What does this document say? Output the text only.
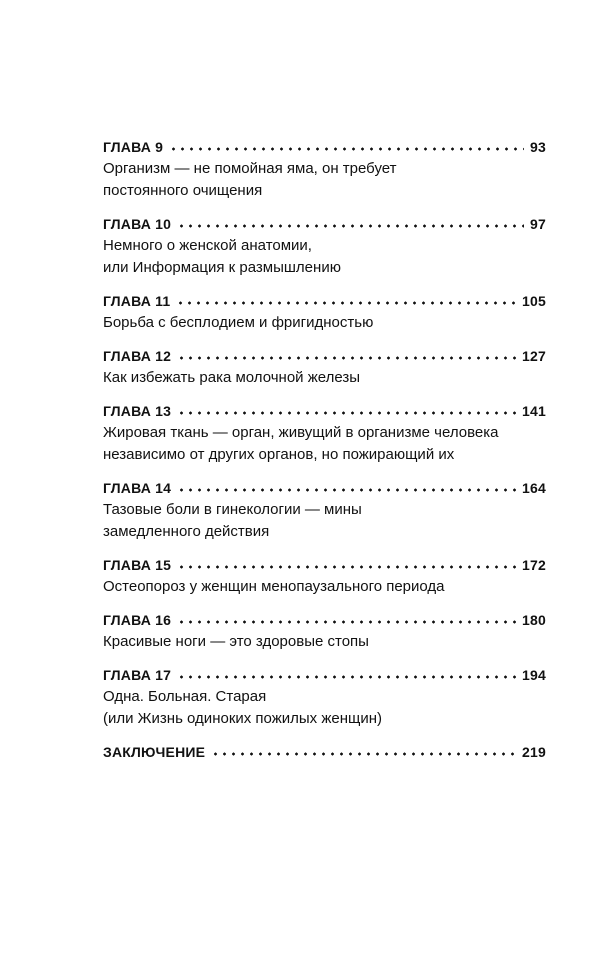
ГЛАВА 9	93
Организм — не помойная яма, он требует
постоянного очищения
ГЛАВА 10	97
Немного о женской анатомии,
или Информация к размышлению
ГЛАВА 11	105
Борьба с бесплодием и фригидностью
ГЛАВА 12	127
Как избежать рака молочной железы
ГЛАВА 13	141
Жировая ткань — орган, живущий в организме человека
независимо от других органов, но пожирающий их
ГЛАВА 14	164
Тазовые боли в гинекологии — мины
замедленного действия
ГЛАВА 15	172
Остеопороз у женщин менопаузального периода
ГЛАВА 16	180
Красивые ноги — это здоровые стопы
ГЛАВА 17	194
Одна. Больная. Старая
(или Жизнь одиноких пожилых женщин)
ЗАКЛЮЧЕНИЕ	219
